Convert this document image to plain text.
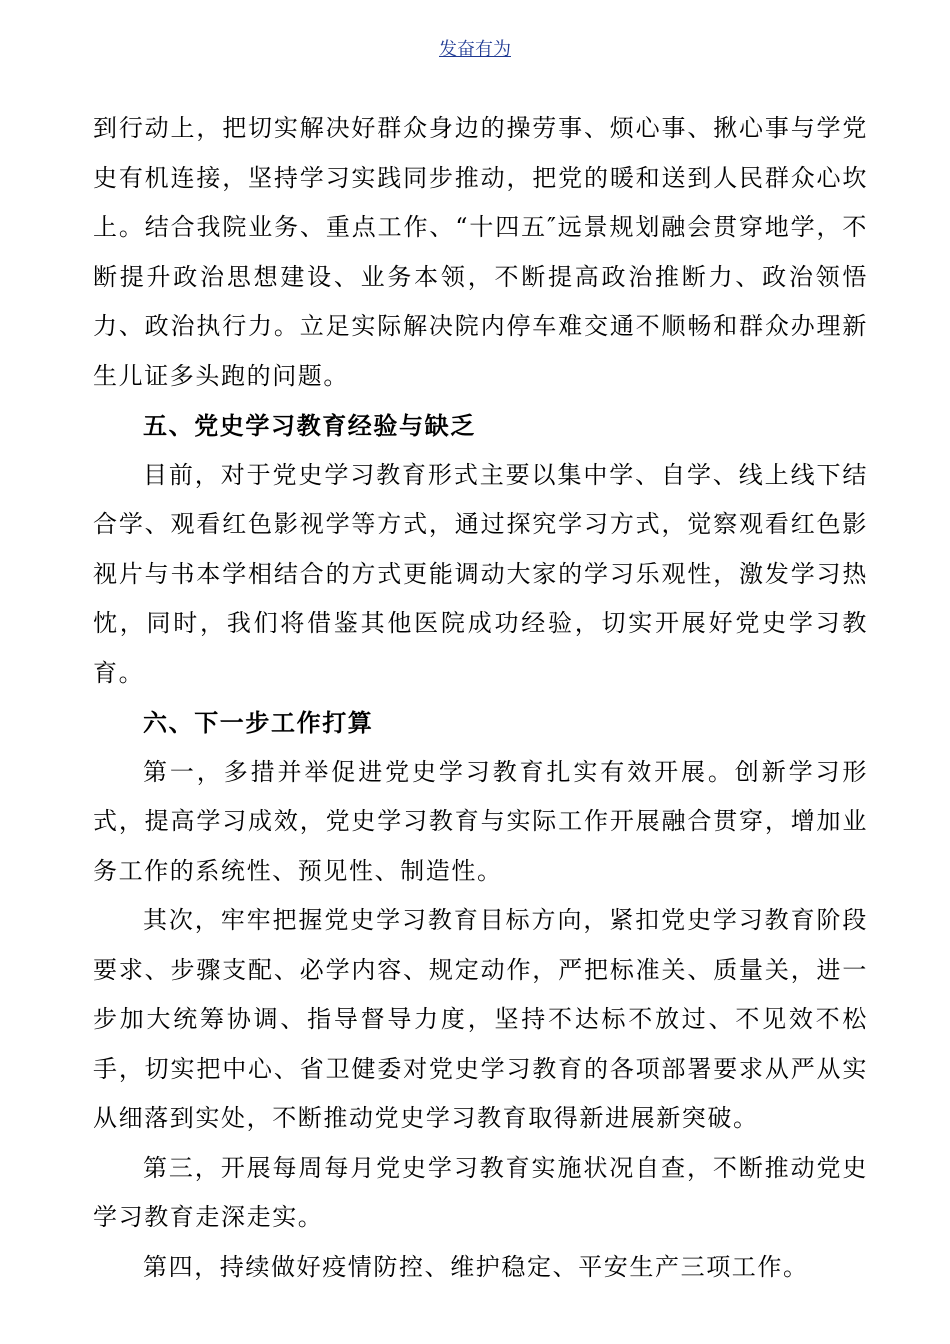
发奋有为

到行动上，把切实解决好群众身边的操劳事、烦心事、揪心事与学党史有机连接，坚持学习实践同步推动，把党的暖和送到人民群众心坎上。结合我院业务、重点工作、“十四五″远景规划融会贯穿地学，不断提升政治思想建设、业务本领，不断提高政治推断力、政治领悟力、政治执行力。立足实际解决院内停车难交通不顺畅和群众办理新生儿证多头跑的问题。

五、党史学习教育经验与缺乏

目前，对于党史学习教育形式主要以集中学、自学、线上线下结合学、观看红色影视学等方式，通过探究学习方式，觉察观看红色影视片与书本学相结合的方式更能调动大家的学习乐观性，激发学习热忱，同时，我们将借鉴其他医院成功经验，切实开展好党史学习教育。

六、下一步工作打算

第一，多措并举促进党史学习教育扎实有效开展。创新学习形式，提高学习成效，党史学习教育与实际工作开展融合贯穿，增加业务工作的系统性、预见性、制造性。

其次，牢牢把握党史学习教育目标方向，紧扣党史学习教育阶段要求、步骤支配、必学内容、规定动作，严把标准关、质量关，进一步加大统筹协调、指导督导力度，坚持不达标不放过、不见效不松手，切实把中心、省卫健委对党史学习教育的各项部署要求从严从实从细落到实处，不断推动党史学习教育取得新进展新突破。

第三，开展每周每月党史学习教育实施状况自查，不断推动党史学习教育走深走实。

第四，持续做好疫情防控、维护稳定、平安生产三项工作。
